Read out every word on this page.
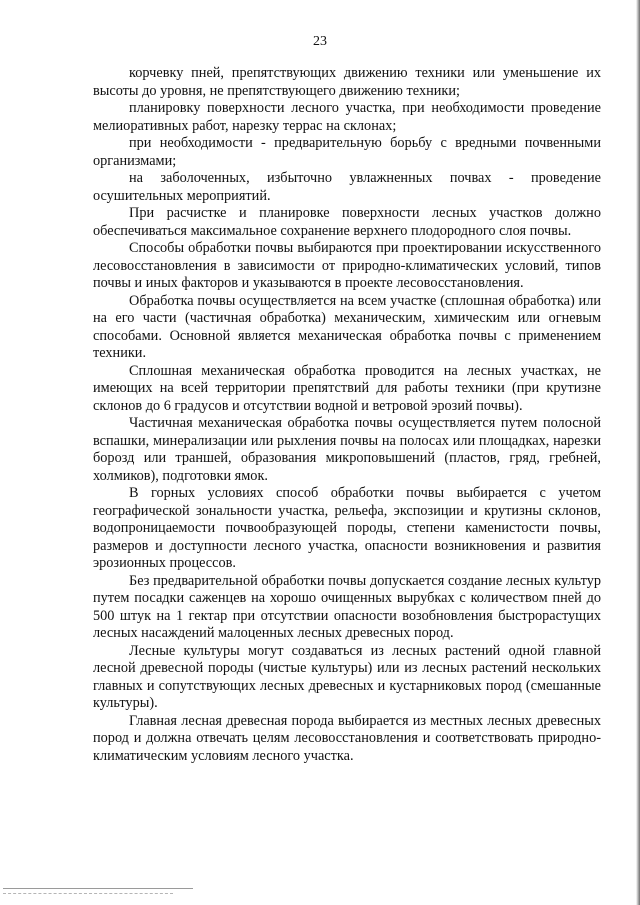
23

корчевку пней, препятствующих движению техники или уменьшение их высоты до уровня, не препятствующего движению техники;

планировку поверхности лесного участка, при необходимости проведение мелиоративных работ, нарезку террас на склонах;

при необходимости - предварительную борьбу с вредными почвенными организмами;

на заболоченных, избыточно увлажненных почвах - проведение осушительных мероприятий.

При расчистке и планировке поверхности лесных участков должно обеспечиваться максимальное сохранение верхнего плодородного слоя почвы.

Способы обработки почвы выбираются при проектировании искусственного лесовосстановления в зависимости от природно-климатических условий, типов почвы и иных факторов и указываются в проекте лесовосстановления.

Обработка почвы осуществляется на всем участке (сплошная обработка) или на его части (частичная обработка) механическим, химическим или огневым способами. Основной является механическая обработка почвы с применением техники.

Сплошная механическая обработка проводится на лесных участках, не имеющих на всей территории препятствий для работы техники (при крутизне склонов до 6 градусов и отсутствии водной и ветровой эрозий почвы).

Частичная механическая обработка почвы осуществляется путем полосной вспашки, минерализации или рыхления почвы на полосах или площадках, нарезки борозд или траншей, образования микроповышений (пластов, гряд, гребней, холмиков), подготовки ямок.

В горных условиях способ обработки почвы выбирается с учетом географической зональности участка, рельефа, экспозиции и крутизны склонов, водопроницаемости почвообразующей породы, степени каменистости почвы, размеров и доступности лесного участка, опасности возникновения и развития эрозионных процессов.

Без предварительной обработки почвы допускается создание лесных культур путем посадки саженцев на хорошо очищенных вырубках с количеством пней до 500 штук на 1 гектар при отсутствии опасности возобновления быстрорастущих лесных насаждений малоценных лесных древесных пород.

Лесные культуры могут создаваться из лесных растений одной главной лесной древесной породы (чистые культуры) или из лесных растений нескольких главных и сопутствующих лесных древесных и кустарниковых пород (смешанные культуры).

Главная лесная древесная порода выбирается из местных лесных древесных пород и должна отвечать целям лесовосстановления и соответствовать природно-климатическим условиям лесного участка.
